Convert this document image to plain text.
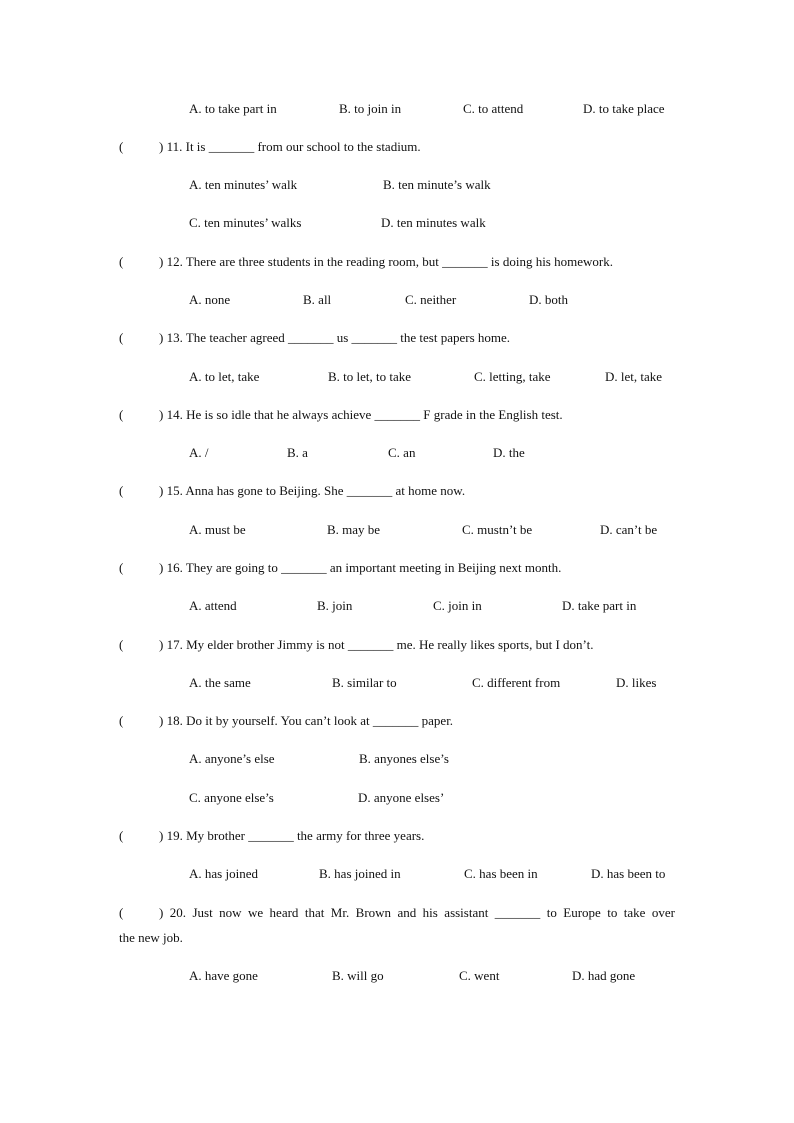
A. to take part in	B. to join in	C. to attend	D. to take place
(	) 11. It is _______ from our school to the stadium.
A. ten minutes’ walk	B. ten minute’s walk
C. ten minutes’ walks	D. ten minutes walk
(	) 12. There are three students in the reading room, but _______ is doing his homework.
A. none	B. all	C. neither	D. both
(	) 13. The teacher agreed _______ us _______ the test papers home.
A. to let, take	B. to let, to take	C. letting, take	D. let, take
(	) 14. He is so idle that he always achieve _______ F grade in the English test.
A. /	B. a	C. an	D. the
(	) 15. Anna has gone to Beijing. She _______ at home now.
A. must be	B. may be	C. mustn’t be	D. can’t be
(	) 16. They are going to _______ an important meeting in Beijing next month.
A. attend	B. join	C. join in	D. take part in
(	) 17. My elder brother Jimmy is not _______ me. He really likes sports, but I don’t.
A. the same	B. similar to	C. different from	D. likes
(	) 18. Do it by yourself. You can’t look at _______ paper.
A. anyone’s else	B. anyones else’s
C. anyone else’s	D. anyone elses’
(	) 19. My brother _______ the army for three years.
A. has joined	B. has joined in	C. has been in	D. has been to
(	) 20. Just now we heard that Mr. Brown and his assistant _______ to Europe to take over
the new job.
A. have gone	B. will go	C. went	D. had gone
